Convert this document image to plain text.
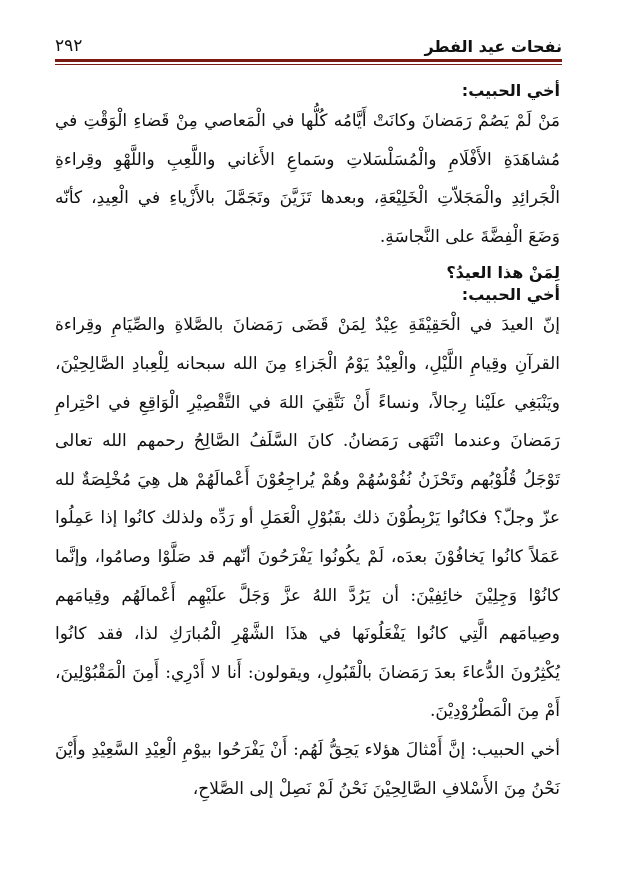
نفحات عيد الفطر
٢٩٢

أخي الحبيب:

مَنْ لَمْ يَصُمْ رَمَضانَ وكانَتْ أَيَّامُه كُلُّها في الْمَعاصي مِنْ قَضاءِ الْوَقْتِ في مُشاهَدَةِ الأَفْلَامِ والْمُسَلْسَلاتِ وسَماعِ الأَغاني واللَّعِبِ واللَّهْوِ وقِراءةِ الْجَرائِدِ والْمَجَلاّتِ الْخَلِيْعَةِ، وبعدها تَزَيَّنَ وتَجَمَّلَ بالأَزْياءِ في الْعِيدِ، كأنّه وَضَعَ الْفِضَّةَ على النَّجاسَةِ.

لِمَنْ هذا العيدُ؟

أخي الحبيب:

إنّ العيدَ في الْحَقِيْقَةِ عِيْدٌ لِمَنْ قَضَى رَمَضانَ بالصَّلاةِ والصِّيَامِ وقِراءة القرآنِ وقِيامِ اللَّيْلِ، والْعِيْدُ يَوْمُ الْجَزاءِ مِنَ الله سبحانه لِلْعِبادِ الصَّالِحِيْنَ، ويَنْبَغِي علَيْنا رِجالاً، ونساءً أَنْ نَتَّقِيَ اللهَ في التَّقْصِيْرِ الْوَاقِعِ في احْتِرامِ رَمَضانَ وعندما انْتَهَى رَمَضانُ. كانَ السَّلَفُ الصَّالِحُ رحمهم الله تعالى تَوْجَلُ قُلُوْبُهم وتَحْزَنُ نُفُوْسُهُمْ وهُمْ يُراجِعُوْنَ أَعْمالَهُمْ هل هِيَ مُخْلِصَةٌ لله عزّ وجلّ؟ فكانُوا يَرْبِطُوْنَ ذلك بقَبُوْلِ الْعَمَلِ أو رَدِّه ولذلك كانُوا إذا عَمِلُوا عَمَلاً كانُوا يَخافُوْنَ بعدَه، لَمْ يكُونُوا يَفْرَحُونَ أنّهم قد صَلَّوْا وصامُوا، وإنَّما كانُوْا وَجِلِيْنَ خائِفِيْنَ: أن يَرُدَّ اللهُ عزَّ وَجَلَّ علَيْهِم أَعْمالَهُم وقِيامَهم وصِيامَهم الَّتِي كانُوا يَفْعَلُونَها في هذَا الشَّهْرِ الْمُبارَكِ لذا، فقد كانُوا يُكْثِرُونَ الدُّعاءَ بعدَ رَمَضانَ بالْقَبُولِ، ويقولون: أَنا لا أَدْرِي: أَمِنَ الْمَقْبُوْلِينَ، أَمْ مِنَ الْمَطْرُوْدِيْنَ.

أخي الحبيب: إنَّ أَمْثالَ هؤلاء يَحِقُّ لَهُم: أَنْ يَفْرَحُوا بيوْمِ الْعِيْدِ السَّعِيْدِ وأَيْنَ نَحْنُ مِنَ الأَسْلافِ الصَّالِحِيْنَ نَحْنُ لَمْ نَصِلْ إلى الصَّلاحِ،
